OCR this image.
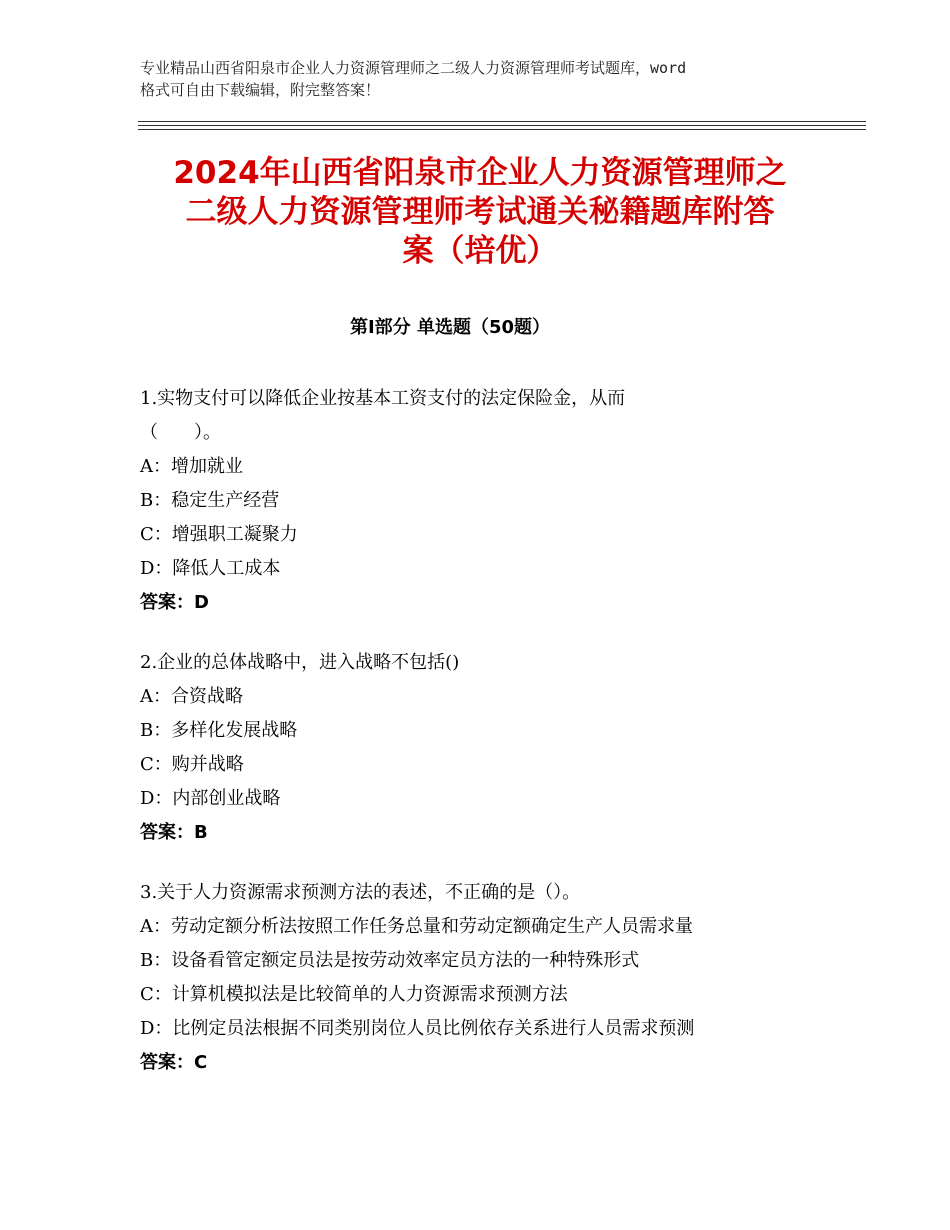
专业精品山西省阳泉市企业人力资源管理师之二级人力资源管理师考试题库，word
格式可自由下载编辑，附完整答案！
2024年山西省阳泉市企业人力资源管理师之
二级人力资源管理师考试通关秘籍题库附答
案（培优）
第Ⅰ部分 单选题（50题）

1.实物支付可以降低企业按基本工资支付的法定保险金，从而

（　　）。

A：增加就业

B：稳定生产经营

C：增强职工凝聚力

D：降低人工成本

答案：D

2.企业的总体战略中，进入战略不包括()

A：合资战略

B：多样化发展战略

C：购并战略

D：内部创业战略

答案：B

3.关于人力资源需求预测方法的表述，不正确的是（）。

A：劳动定额分析法按照工作任务总量和劳动定额确定生产人员需求量

B：设备看管定额定员法是按劳动效率定员方法的一种特殊形式

C：计算机模拟法是比较简单的人力资源需求预测方法

D：比例定员法根据不同类别岗位人员比例依存关系进行人员需求预测

答案：C
